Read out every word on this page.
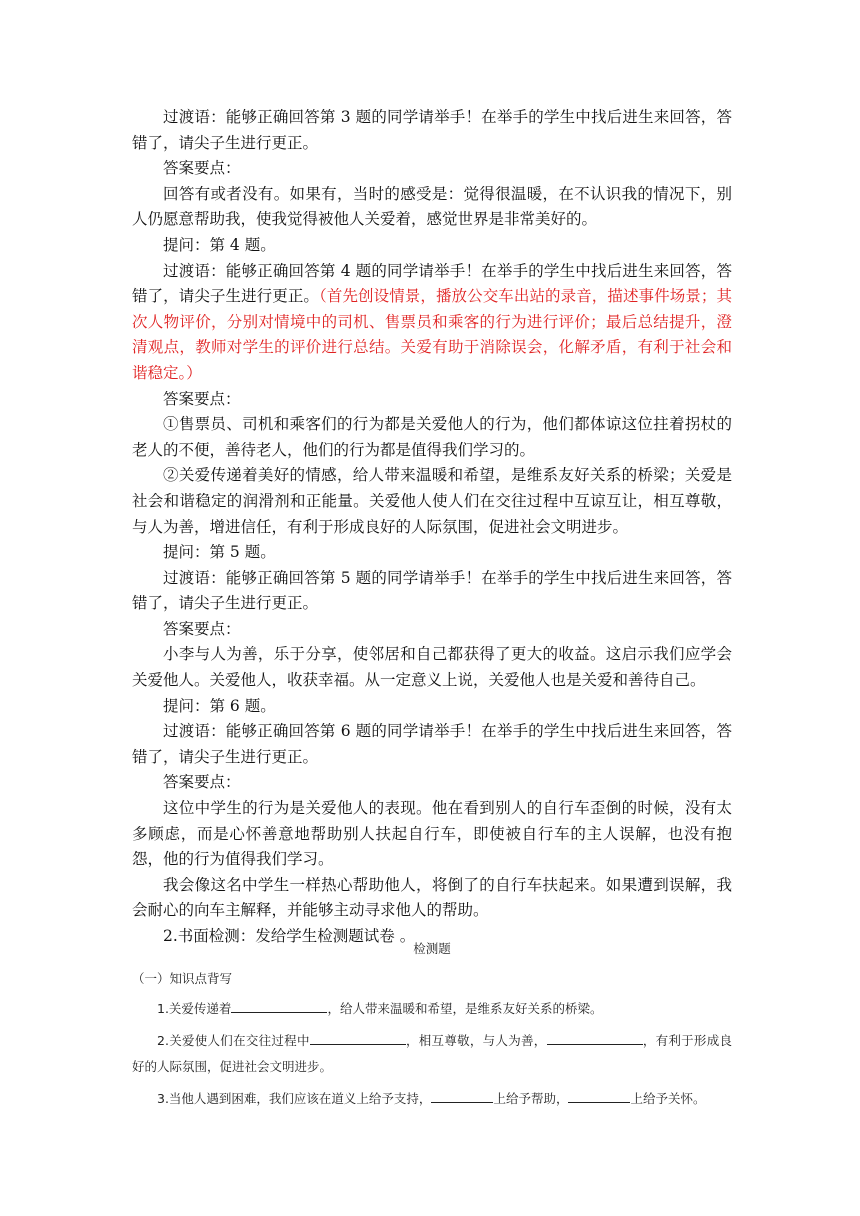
过渡语：能够正确回答第 3 题的同学请举手！在举手的学生中找后进生来回答，答错了，请尖子生进行更正。

答案要点：

回答有或者没有。如果有，当时的感受是：觉得很温暖，在不认识我的情况下，别人仍愿意帮助我，使我觉得被他人关爱着，感觉世界是非常美好的。

提问：第 4 题。

过渡语：能够正确回答第 4 题的同学请举手！在举手的学生中找后进生来回答，答错了，请尖子生进行更正。（首先创设情景，播放公交车出站的录音，描述事件场景；其次人物评价，分别对情境中的司机、售票员和乘客的行为进行评价；最后总结提升，澄清观点，教师对学生的评价进行总结。关爱有助于消除误会，化解矛盾，有利于社会和谐稳定。）

答案要点：

①售票员、司机和乘客们的行为都是关爱他人的行为，他们都体谅这位拄着拐杖的老人的不便，善待老人，他们的行为都是值得我们学习的。

②关爱传递着美好的情感，给人带来温暖和希望，是维系友好关系的桥梁；关爱是社会和谐稳定的润滑剂和正能量。关爱他人使人们在交往过程中互谅互让，相互尊敬，与人为善，增进信任，有利于形成良好的人际氛围，促进社会文明进步。

提问：第 5 题。

过渡语：能够正确回答第 5 题的同学请举手！在举手的学生中找后进生来回答，答错了，请尖子生进行更正。

答案要点：

小李与人为善，乐于分享，使邻居和自己都获得了更大的收益。这启示我们应学会关爱他人。关爱他人，收获幸福。从一定意义上说，关爱他人也是关爱和善待自己。

提问：第 6 题。

过渡语：能够正确回答第 6 题的同学请举手！在举手的学生中找后进生来回答，答错了，请尖子生进行更正。

答案要点：

这位中学生的行为是关爱他人的表现。他在看到别人的自行车歪倒的时候，没有太多顾虑，而是心怀善意地帮助别人扶起自行车，即使被自行车的主人误解，也没有抱怨，他的行为值得我们学习。

我会像这名中学生一样热心帮助他人，将倒了的自行车扶起来。如果遭到误解，我会耐心的向车主解释，并能够主动寻求他人的帮助。

2.书面检测：发给学生检测题试卷 。

检测题
（一）知识点背写

1.关爱传递着	，给人带来温暖和希望，是维系友好关系的桥梁。

2.关爱使人们在交往过程中	，相互尊敬，与人为善，	，有利于形成良好的人际氛围，促进社会文明进步。

3.当他人遇到困难，我们应该在道义上给予支持，	上给予帮助，	上给予关怀。
